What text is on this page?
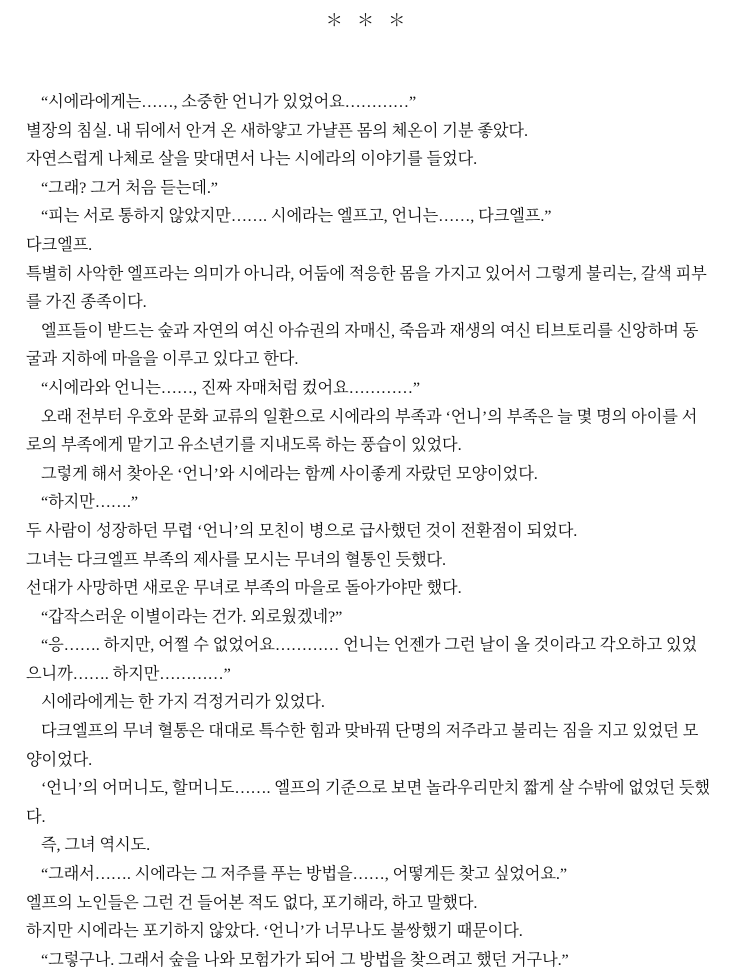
＊ ＊ ＊

“시에라에게는……, 소중한 언니가 있었어요…………”

별장의 침실. 내 뒤에서 안겨 온 새하얗고 가냘픈 몸의 체온이 기분 좋았다.

자연스럽게 나체로 살을 맞대면서 나는 시에라의 이야기를 들었다.

“그래? 그거 처음 듣는데.”

“피는 서로 통하지 않았지만……. 시에라는 엘프고, 언니는……, 다크엘프.”

다크엘프.

특별히 사악한 엘프라는 의미가 아니라, 어둠에 적응한 몸을 가지고 있어서 그렇게 불리는, 갈색 피부를 가진 종족이다.

엘프들이 받드는 숲과 자연의 여신 아슈권의 자매신, 죽음과 재생의 여신 티브토리를 신앙하며 동굴과 지하에 마을을 이루고 있다고 한다.

“시에라와 언니는……, 진짜 자매처럼 컸어요…………”

오래 전부터 우호와 문화 교류의 일환으로 시에라의 부족과 ‘언니’의 부족은 늘 몇 명의 아이를 서로의 부족에게 맡기고 유소년기를 지내도록 하는 풍습이 있었다.

그렇게 해서 찾아온 ‘언니’와 시에라는 함께 사이좋게 자랐던 모양이었다.

“하지만…….”

두 사람이 성장하던 무렵 ‘언니’의 모친이 병으로 급사했던 것이 전환점이 되었다.

그녀는 다크엘프 부족의 제사를 모시는 무녀의 혈통인 듯했다.

선대가 사망하면 새로운 무녀로 부족의 마을로 돌아가야만 했다.

“갑작스러운 이별이라는 건가. 외로웠겠네?”

“응……. 하지만, 어쩔 수 없었어요………… 언니는 언젠가 그런 날이 올 것이라고 각오하고 있었으니까……. 하지만…………”

시에라에게는 한 가지 걱정거리가 있었다.

다크엘프의 무녀 혈통은 대대로 특수한 힘과 맞바꿔 단명의 저주라고 불리는 짐을 지고 있었던 모양이었다.

‘언니’의 어머니도, 할머니도……. 엘프의 기준으로 보면 놀라우리만치 짧게 살 수밖에 없었던 듯했다.

즉, 그녀 역시도.

“그래서……. 시에라는 그 저주를 푸는 방법을……, 어떻게든 찾고 싶었어요.”

엘프의 노인들은 그런 건 들어본 적도 없다, 포기해라, 하고 말했다.

하지만 시에라는 포기하지 않았다. ‘언니’가 너무나도 불쌍했기 때문이다.

“그렇구나. 그래서 숲을 나와 모험가가 되어 그 방법을 찾으려고 했던 거구나.”
